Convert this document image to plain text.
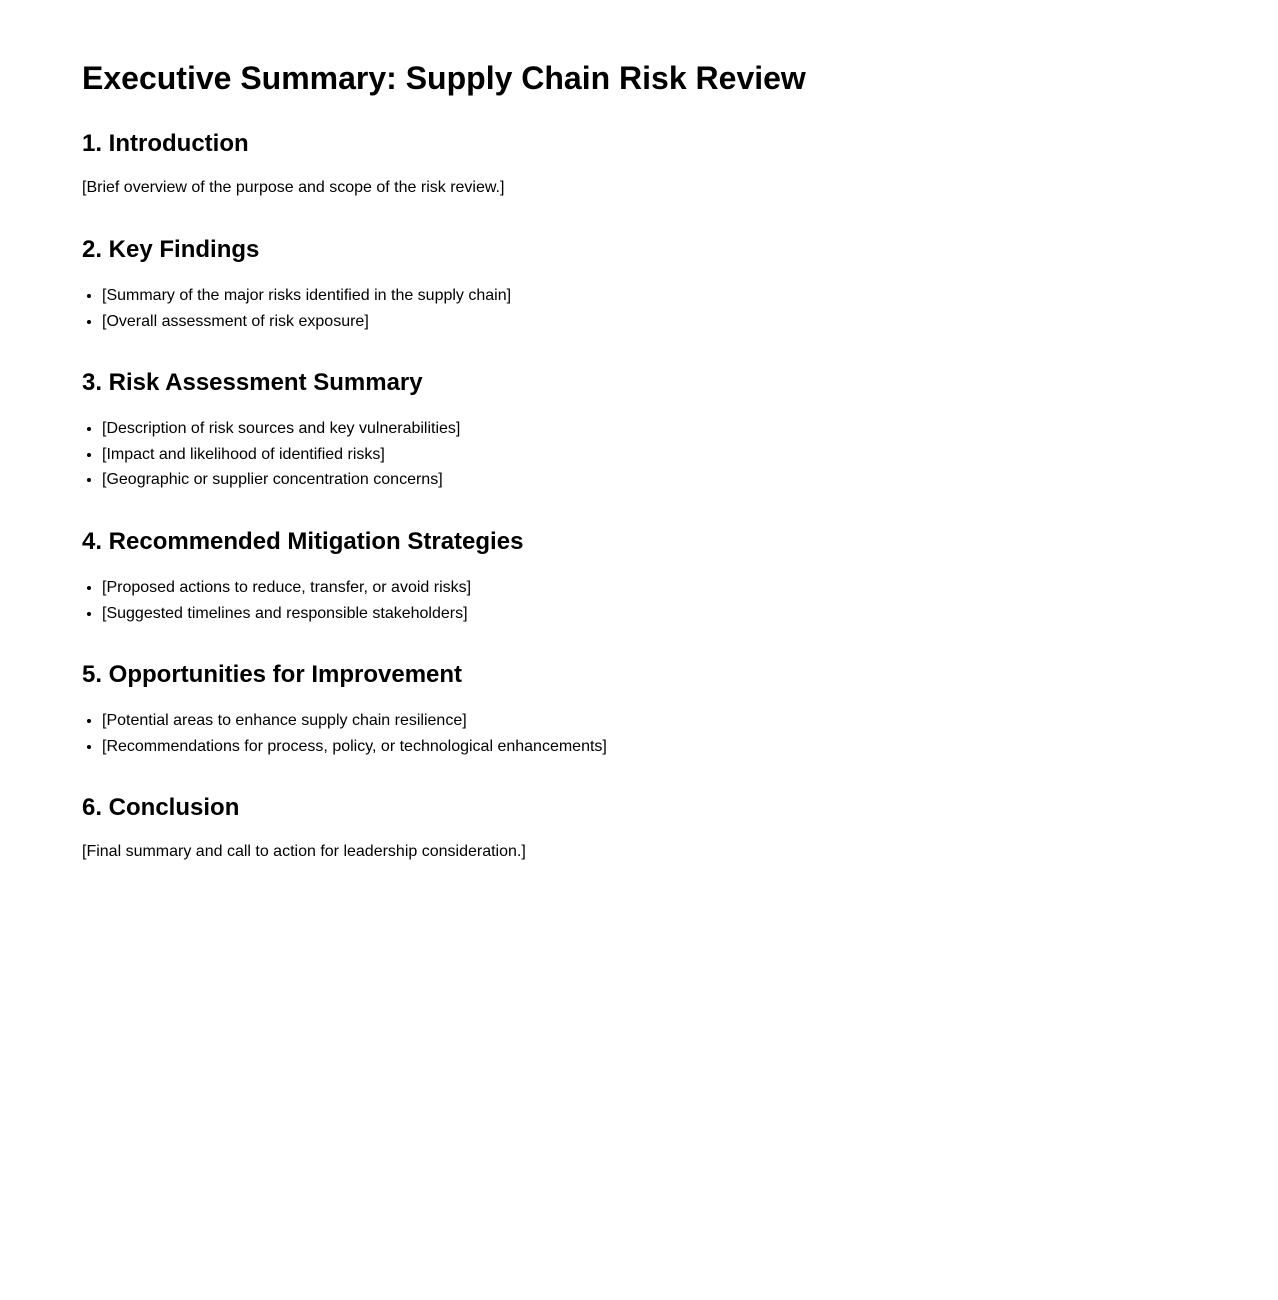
Executive Summary: Supply Chain Risk Review
1. Introduction

[Brief overview of the purpose and scope of the risk review.]

2. Key Findings
• [Summary of the major risks identified in the supply chain]
• [Overall assessment of risk exposure]
3. Risk Assessment Summary
• [Description of risk sources and key vulnerabilities]
• [Impact and likelihood of identified risks]
• [Geographic or supplier concentration concerns]
4. Recommended Mitigation Strategies
• [Proposed actions to reduce, transfer, or avoid risks]
• [Suggested timelines and responsible stakeholders]
5. Opportunities for Improvement
• [Potential areas to enhance supply chain resilience]
• [Recommendations for process, policy, or technological enhancements]
6. Conclusion

[Final summary and call to action for leadership consideration.]
